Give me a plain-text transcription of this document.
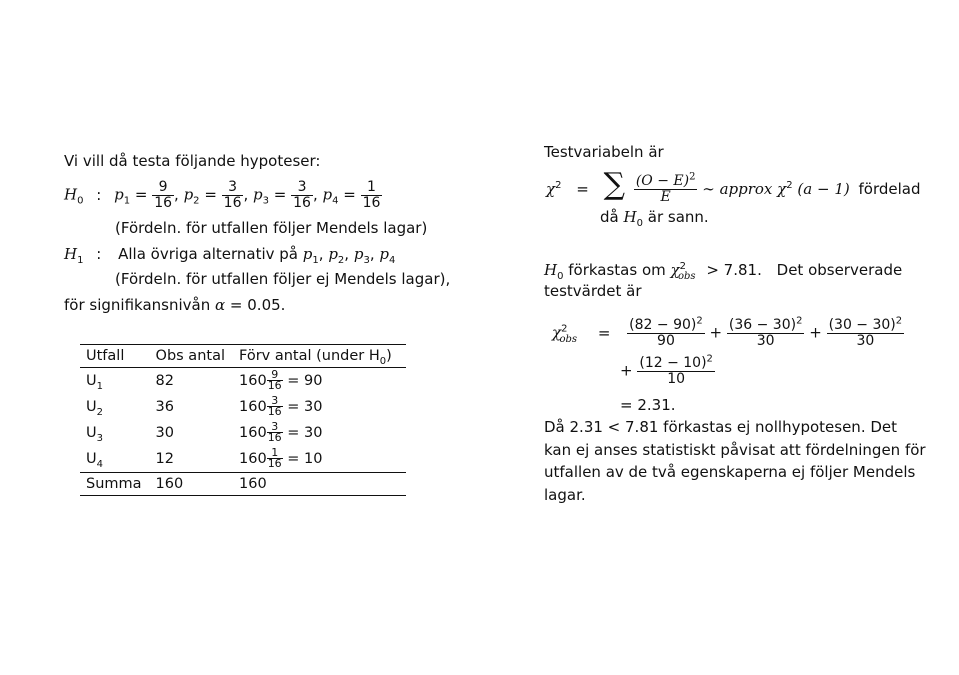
Vi vill då testa följande hypoteser:
$H_0$ : $p_1 = \frac{9}{16}$ , $p_2 = \frac{3}{16}$ , $p_3 = \frac{3}{16}$ , $p_4 = \frac{1}{16}$
(Fördeln. för utfallen följer Mendels lagar)
$H_1$ : Alla övriga alternativ på $p_1$, $p_2$, $p_3$, $p_4$
(Fördeln. för utfallen följer ej Mendels lagar),
för signifikansnivån α = 0.05.
Utfall	Obs antal	Förv antal (under $H_0$)
$U_1$	82	$160 \frac{9}{16} = 90$
$U_2$	36	$160 \frac{3}{16} = 30$
$U_3$	30	$160 \frac{3}{16} = 30$
$U_4$	12	$160 \frac{1}{16} = 10$
Summa	160	160
Testvariabeln är
$\chi^2$ = ∑ $\frac{(O - E)^2}{E}$ ∼ approx $\chi^2$ (a − 1) fördelad
då $H_0$ är sann.
$H_0$ förkastas om $\chi^2_{obs} > 7.81$. Det observerade
testvärdet är
$\chi^2_{obs} = \frac{(82 - 90)^2}{90} + \frac{(36 - 30)^2}{30} + \frac{(30 - 30)^2}{30}$
+ $\frac{(12 - 10)^2}{10}$
= 2.31.
Då 2.31 < 7.81 förkastas ej nollhypotesen. Det
kan ej anses statistiskt påvisat att fördelningen för
utfallen av de två egenskaperna ej följer Mendels
lagar.
